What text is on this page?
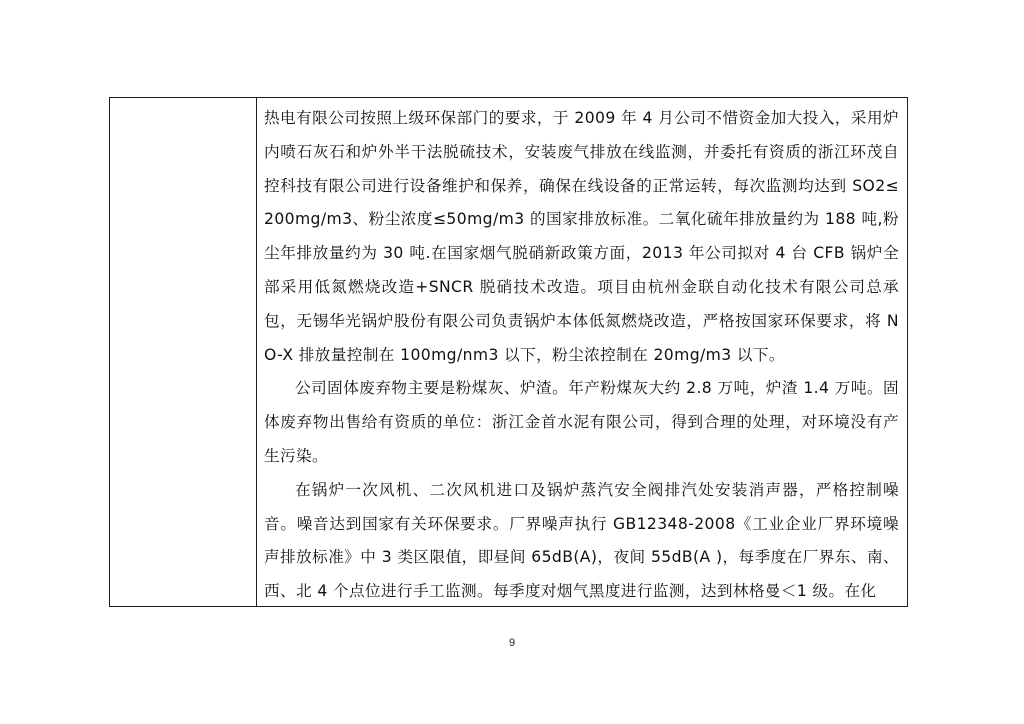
热电有限公司按照上级环保部门的要求，于 2009 年 4 月公司不惜资金加大投入，采用炉内喷石灰石和炉外半干法脱硫技术，安装废气排放在线监测，并委托有资质的浙江环茂自控科技有限公司进行设备维护和保养，确保在线设备的正常运转，每次监测均达到 SO2≤200mg/m3、粉尘浓度≤50mg/m3 的国家排放标准。二氧化硫年排放量约为 188 吨,粉尘年排放量约为 30 吨.在国家烟气脱硝新政策方面，2013 年公司拟对 4 台 CFB 锅炉全部采用低氮燃烧改造+SNCR 脱硝技术改造。项目由杭州金联自动化技术有限公司总承包，无锡华光锅炉股份有限公司负责锅炉本体低氮燃烧改造，严格按国家环保要求，将 NO-X 排放量控制在 100mg/nm3 以下，粉尘浓控制在 20mg/m3 以下。

公司固体废弃物主要是粉煤灰、炉渣。年产粉煤灰大约 2.8 万吨，炉渣 1.4 万吨。固体废弃物出售给有资质的单位：浙江金首水泥有限公司，得到合理的处理，对环境没有产生污染。

在锅炉一次风机、二次风机进口及锅炉蒸汽安全阀排汽处安装消声器，严格控制噪音。噪音达到国家有关环保要求。厂界噪声执行 GB12348-2008《工业企业厂界环境噪声排放标准》中 3 类区限值，即昼间 65dB(A)，夜间 55dB(A )，每季度在厂界东、南、西、北 4 个点位进行手工监测。每季度对烟气黑度进行监测，达到林格曼＜1 级。在化

9
